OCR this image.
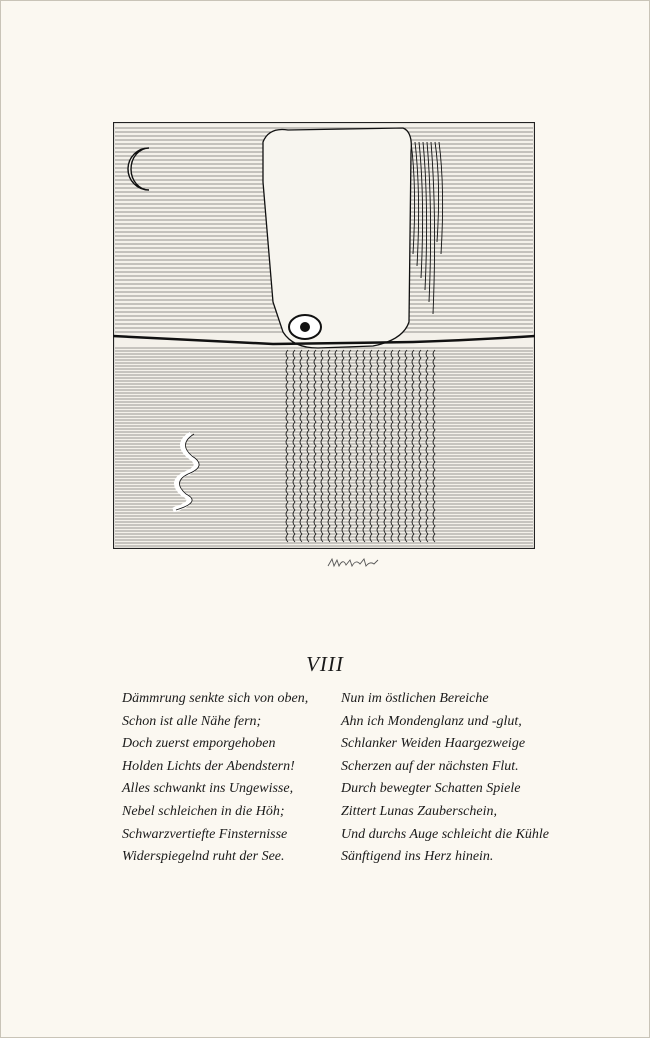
VIII
Dämmrung senkte sich von oben,
Schon ist alle Nähe fern;
Doch zuerst emporgehoben
Holden Lichts der Abendstern!
Alles schwankt ins Ungewisse,
Nebel schleichen in die Höh;
Schwarzvertiefte Finsternisse
Widerspiegelnd ruht der See.
Nun im östlichen Bereiche
Ahn ich Mondenglanz und -glut,
Schlanker Weiden Haargezweige
Scherzen auf der nächsten Flut.
Durch bewegter Schatten Spiele
Zittert Lunas Zauberschein,
Und durchs Auge schleicht die Kühle
Sänftigend ins Herz hinein.
